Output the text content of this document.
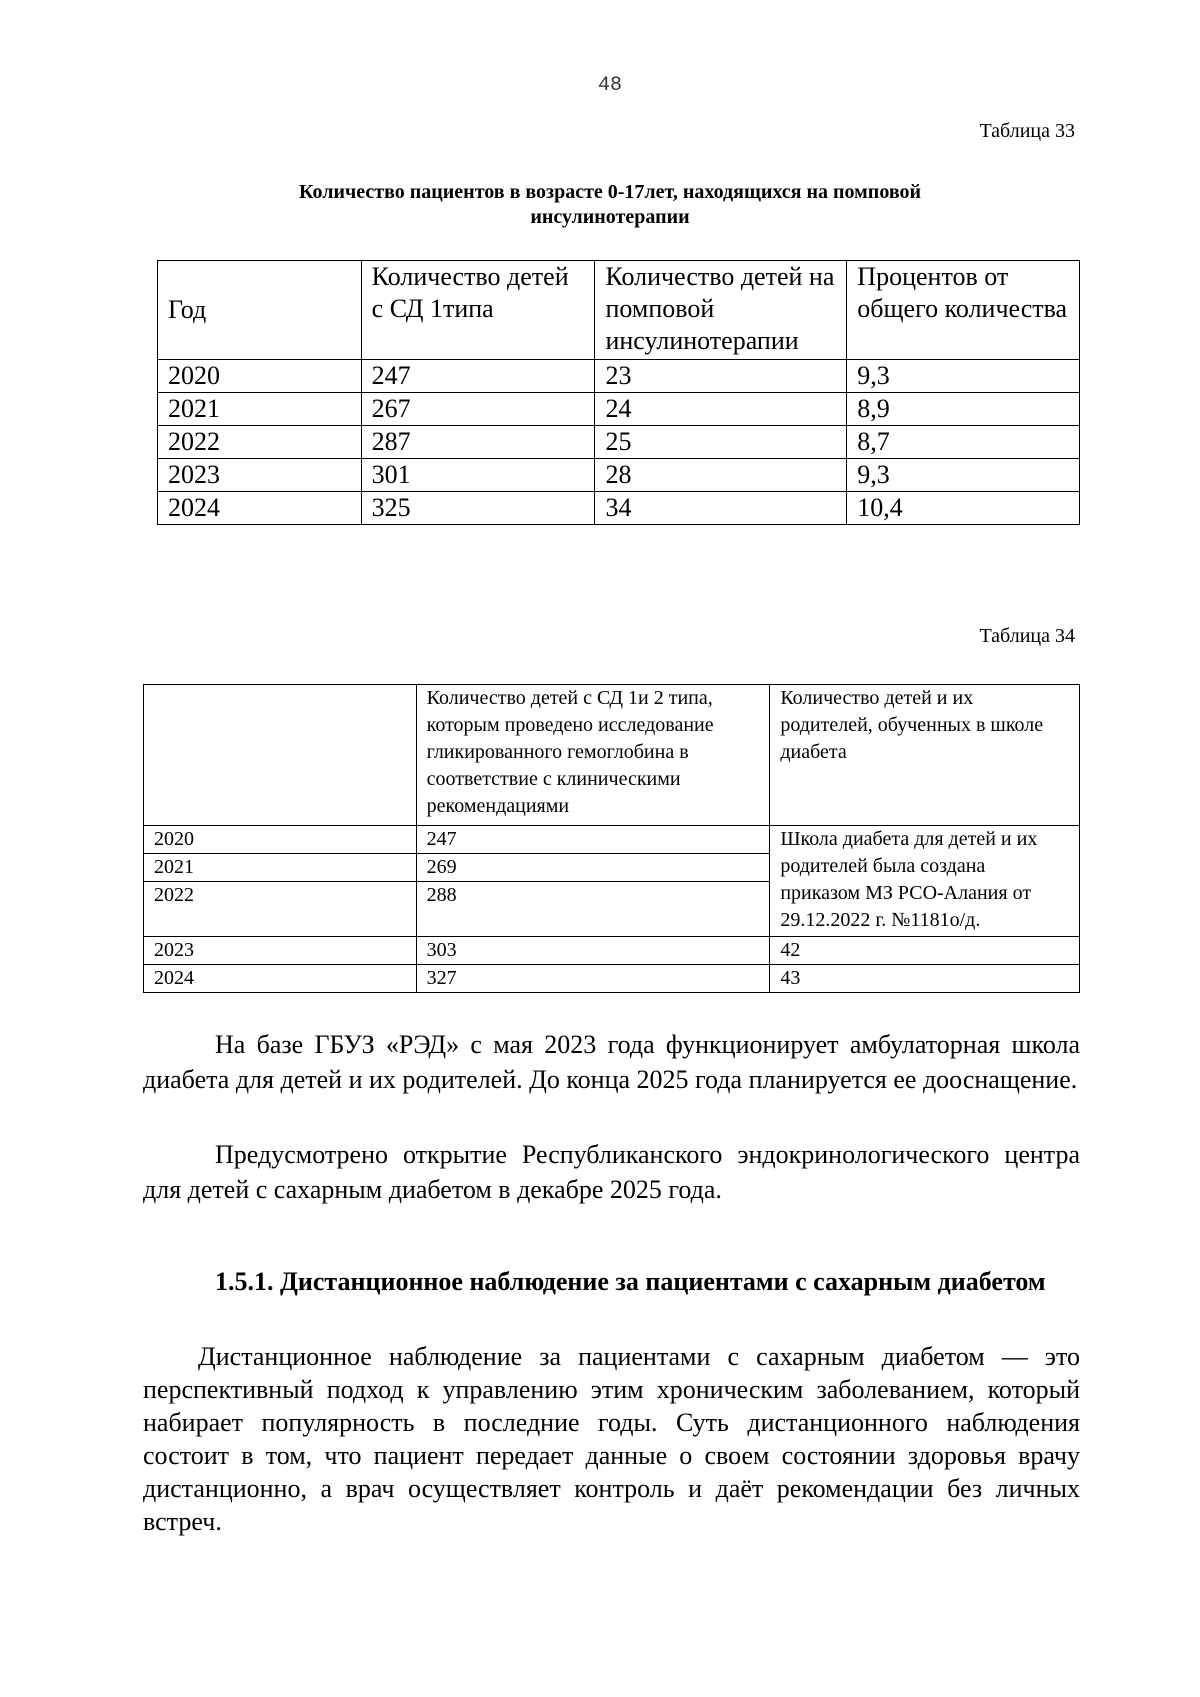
48
Таблица 33
Количество пациентов в возрасте 0-17лет, находящихся на помповой
инсулинотерапии
Год	Количество детей с СД 1типа	Количество детей на помповой инсулинотерапии	Процентов от общего количества
2020	247	23	9,3
2021	267	24	8,9
2022	287	25	8,7
2023	301	28	9,3
2024	325	34	10,4
Таблица 34
	Количество детей с СД 1и 2 типа, которым проведено исследование гликированного гемоглобина в соответствие с клиническими рекомендациями	Количество детей и их родителей, обученных в школе диабета
2020	247	Школа диабета для детей и их родителей была создана приказом МЗ РСО-Алания от 29.12.2022 г. №1181о/д.
2021	269	
2022	288	
2023	303	42
2024	327	43

На базе ГБУЗ «РЭД» с мая 2023 года функционирует амбулаторная школа диабета для детей и их родителей. До конца 2025 года планируется ее дооснащение.

Предусмотрено открытие Республиканского эндокринологического центра для детей с сахарным диабетом в декабре 2025 года.

1.5.1. Дистанционное наблюдение за пациентами с сахарным диабетом

Дистанционное наблюдение за пациентами с сахарным диабетом — это перспективный подход к управлению этим хроническим заболеванием, который набирает популярность в последние годы. Суть дистанционного наблюдения состоит в том, что пациент передает данные о своем состоянии здоровья врачу дистанционно, а врач осуществляет контроль и даёт рекомендации без личных встреч.
